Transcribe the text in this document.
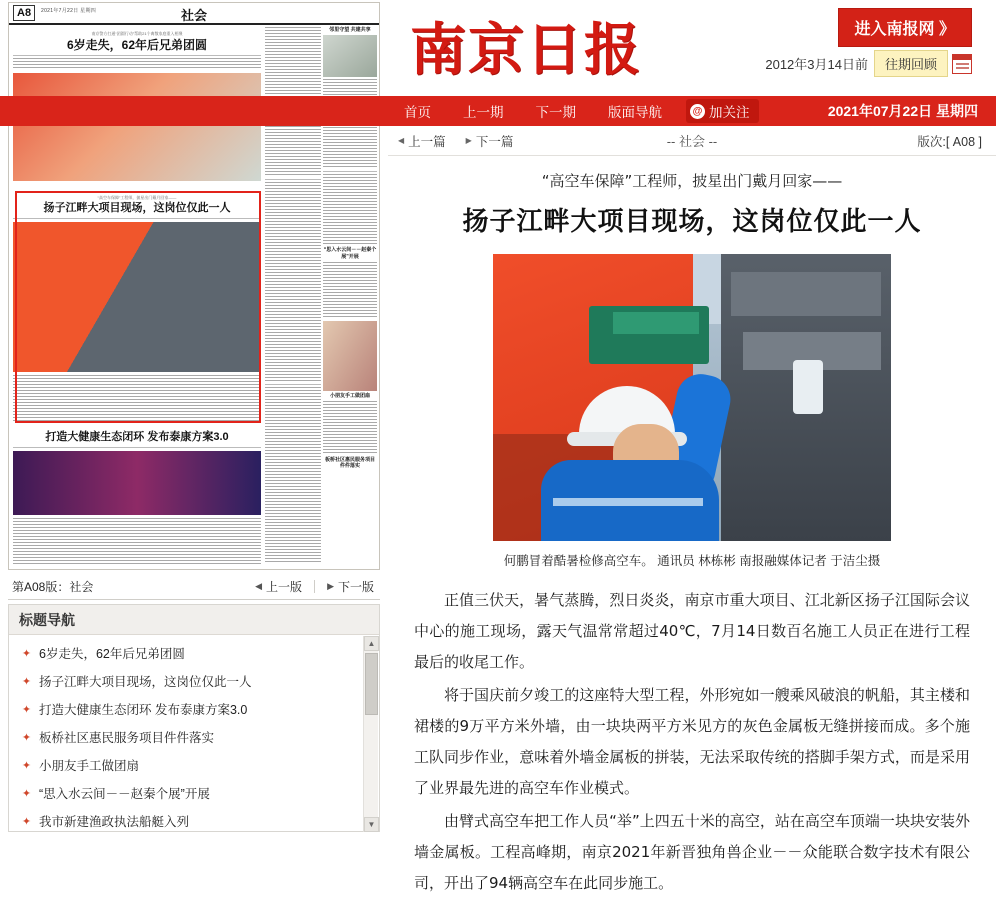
A8	2021年7月22日 星期四	社会
南京警方打通“团圆行动”帮助21个离散家庭重入相聚
6岁走失，62年后兄弟团圆
“高空车保障”工程师，披星出门戴月回家——
扬子江畔大项目现场，这岗位仅此一人
打造大健康生态闭环 发布泰康方案3.0
邻里守望 共建共享
“思入水云间－－赵秦个展”开展
小朋友手工做团扇
板桥社区惠民服务项目件件落实
第A08版：社会	◀ 上一版	▶ 下一版
标题导航
✦ 6岁走失，62年后兄弟团圆
✦ 扬子江畔大项目现场，这岗位仅此一人
✦ 打造大健康生态闭环 发布泰康方案3.0
✦ 板桥社区惠民服务项目件件落实
✦ 小朋友手工做团扇
✦ “思入水云间－－赵秦个展”开展
✦ 我市新建渔政执法船艇入列
▲
▼
南京日报	进入南报网 》
2012年3月14日前	往期回顾
首页	上一期	下一期	版面导航	@ 加关注	2021年07月22日 星期四
◀ 上一篇	▶ 下一篇	-- 社会 --	版次:[ A08 ]
“高空车保障”工程师，披星出门戴月回家——
扬子江畔大项目现场，这岗位仅此一人
何鹏冒着酷暑检修高空车。 通讯员 林栋彬 南报融媒体记者 于洁尘摄

正值三伏天，暑气蒸腾，烈日炎炎，南京市重大项目、江北新区扬子江国际会议中心的施工现场，露天气温常常超过40℃，7月14日数百名施工人员正在进行工程最后的收尾工作。

将于国庆前夕竣工的这座特大型工程，外形宛如一艘乘风破浪的帆船，其主楼和裙楼的9万平方米外墙，由一块块两平方米见方的灰色金属板无缝拼接而成。多个施工队同步作业，意味着外墙金属板的拼装，无法采取传统的搭脚手架方式，而是采用了业界最先进的高空车作业模式。

由臂式高空车把工作人员“举”上四五十米的高空，站在高空车顶端一块块安装外墙金属板。工程高峰期，南京2021年新晋独角兽企业－－众能联合数字技术有限公司，开出了94辆高空车在此同步施工。
